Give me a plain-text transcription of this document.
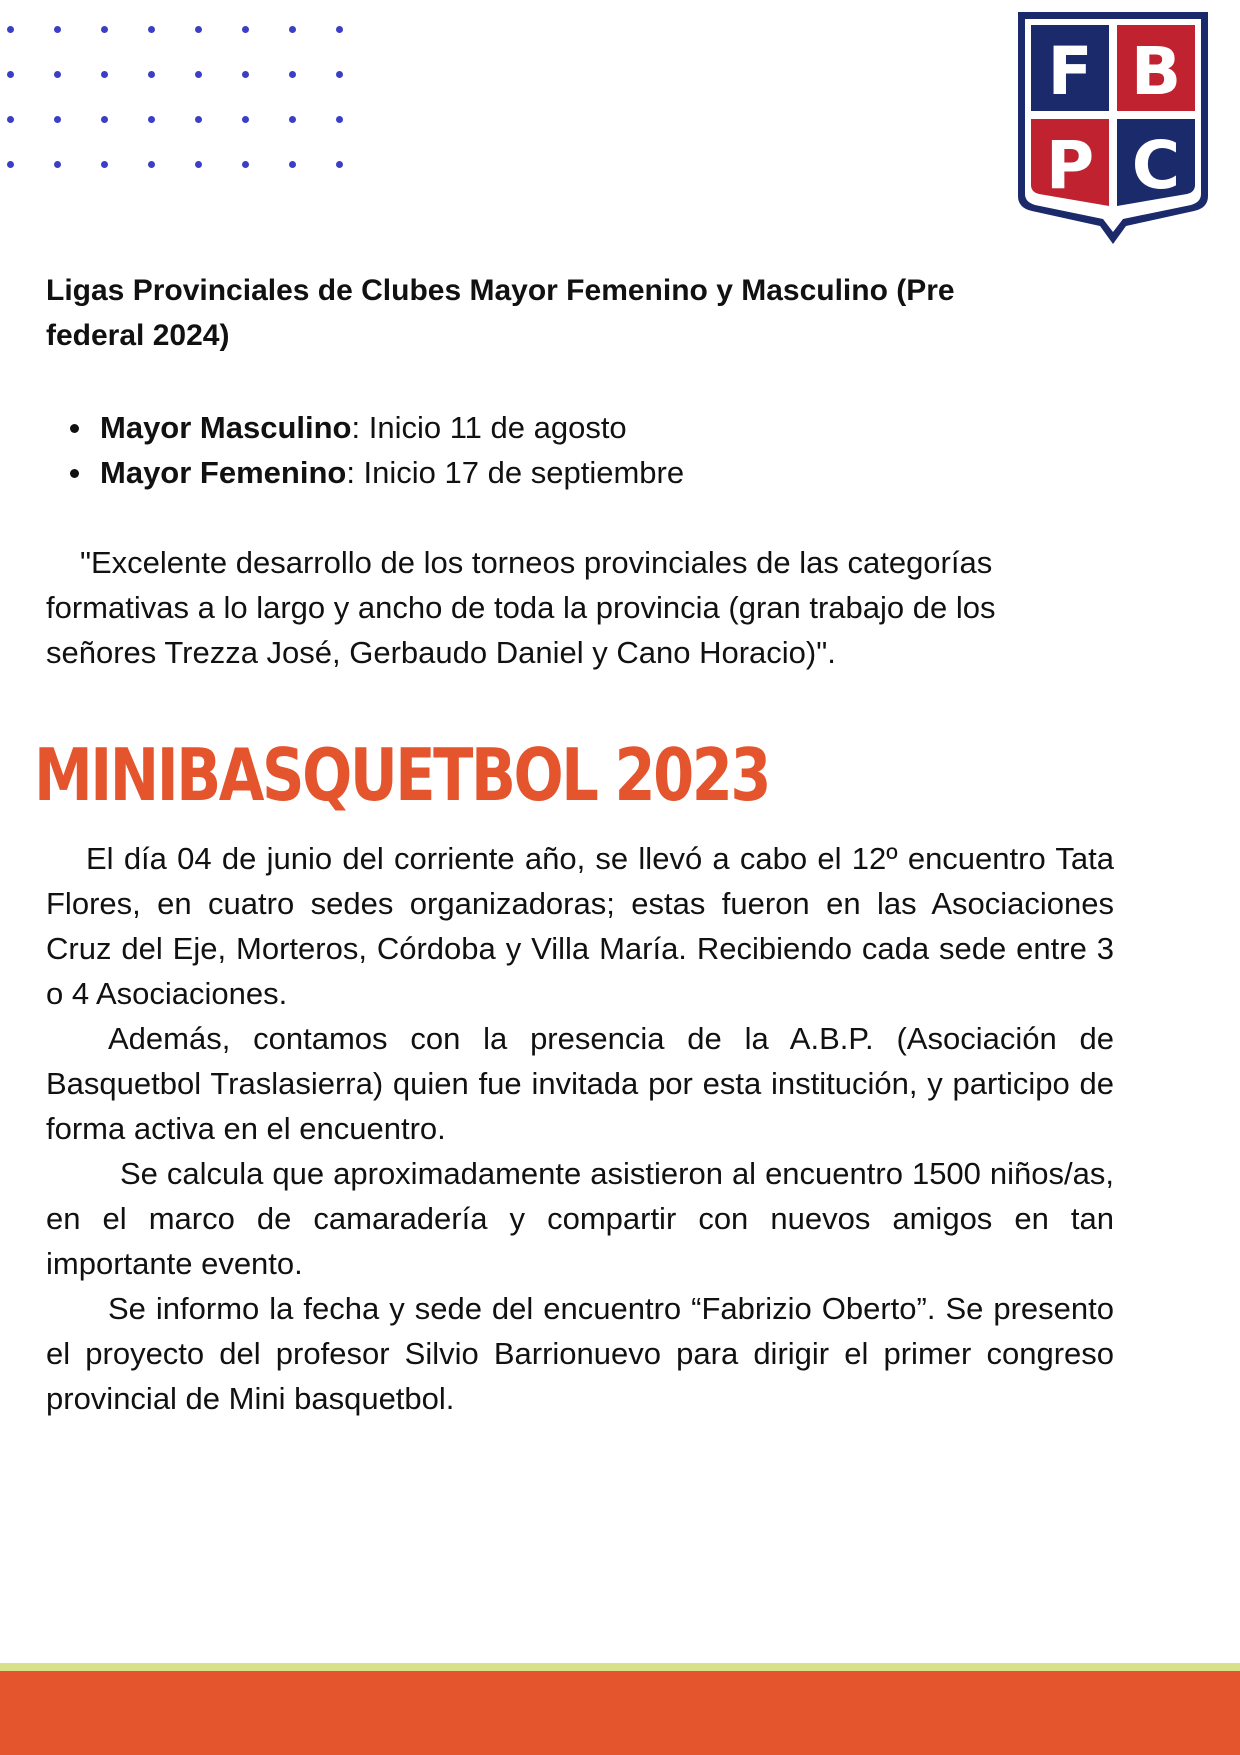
F B
P C
Ligas Provinciales de Clubes Mayor Femenino y Masculino (Pre federal 2024)
Mayor Masculino: Inicio 11 de agosto
Mayor Femenino: Inicio 17 de septiembre

"Excelente desarrollo de los torneos provinciales de las categorías formativas a lo largo y ancho de toda la provincia (gran trabajo de los señores Trezza José, Gerbaudo Daniel y Cano Horacio)".

MINIBASQUETBOL 2023

El día 04 de junio del corriente año, se llevó a cabo el 12º encuentro Tata Flores, en cuatro sedes organizadoras; estas fueron en las Asociaciones Cruz del Eje, Morteros, Córdoba y Villa María. Recibiendo cada sede entre 3 o 4 Asociaciones.

Además, contamos con la presencia de la A.B.P. (Asociación de Basquetbol Traslasierra) quien fue invitada por esta institución, y participo de forma activa en el encuentro.

Se calcula que aproximadamente asistieron al encuentro 1500 niños/as, en el marco de camaradería y compartir con nuevos amigos en tan importante evento.

Se informo la fecha y sede del encuentro “Fabrizio Oberto”. Se presento el proyecto del profesor Silvio Barrionuevo para dirigir el primer congreso provincial de Mini basquetbol.
